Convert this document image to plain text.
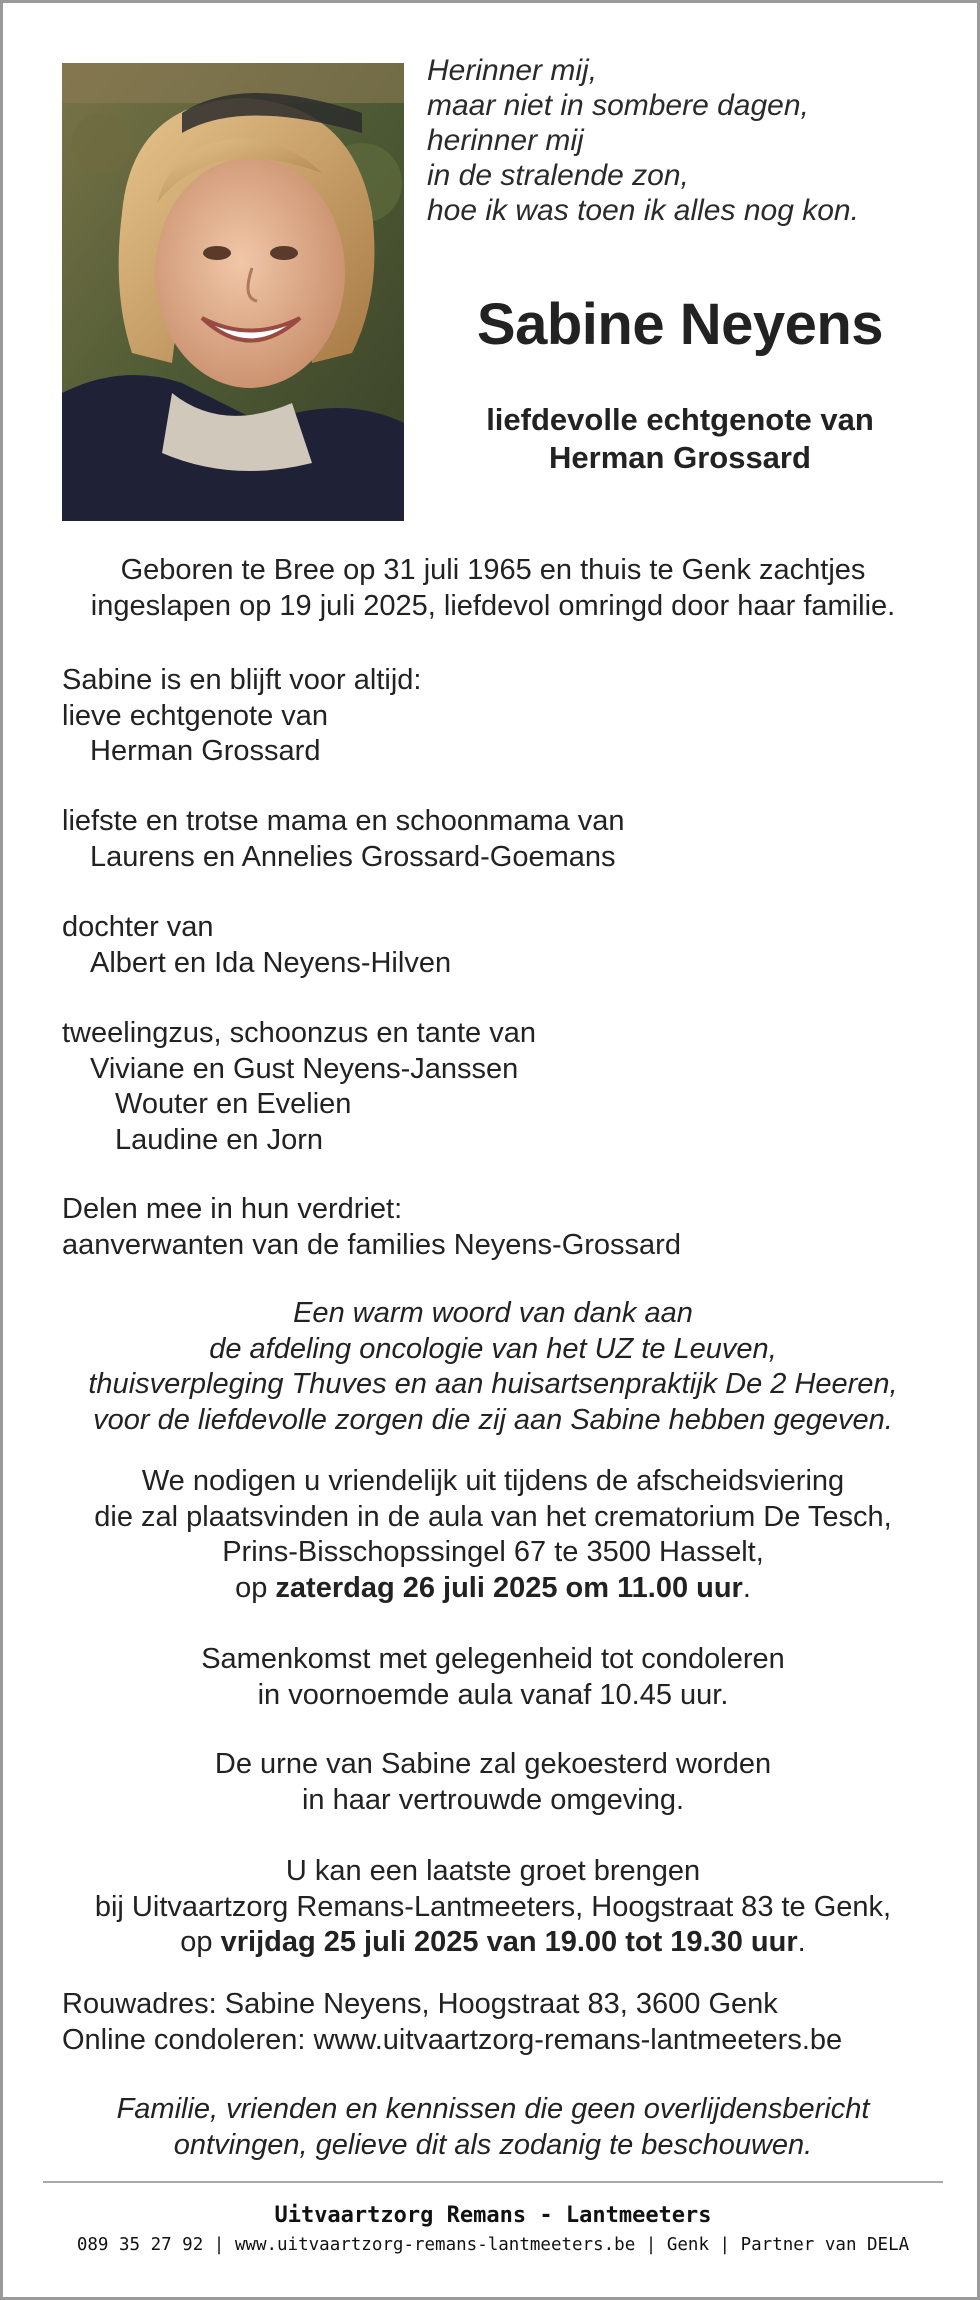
Herinner mij,
maar niet in sombere dagen,
herinner mij
in de stralende zon,
hoe ik was toen ik alles nog kon.
Sabine Neyens
liefdevolle echtgenote van
Herman Grossard
Geboren te Bree op 31 juli 1965 en thuis te Genk zachtjes
ingeslapen op 19 juli 2025, liefdevol omringd door haar familie.
Sabine is en blijft voor altijd:
lieve echtgenote van
Herman Grossard
liefste en trotse mama en schoonmama van
Laurens en Annelies Grossard-Goemans
dochter van
Albert en Ida Neyens-Hilven
tweelingzus, schoonzus en tante van
Viviane en Gust Neyens-Janssen
Wouter en Evelien
Laudine en Jorn
Delen mee in hun verdriet:
aanverwanten van de families Neyens-Grossard
Een warm woord van dank aan
de afdeling oncologie van het UZ te Leuven,
thuisverpleging Thuves en aan huisartsenpraktijk De 2 Heeren,
voor de liefdevolle zorgen die zij aan Sabine hebben gegeven.
We nodigen u vriendelijk uit tijdens de afscheidsviering
die zal plaatsvinden in de aula van het crematorium De Tesch,
Prins-Bisschopssingel 67 te 3500 Hasselt,
op zaterdag 26 juli 2025 om 11.00 uur.
Samenkomst met gelegenheid tot condoleren
in voornoemde aula vanaf 10.45 uur.
De urne van Sabine zal gekoesterd worden
in haar vertrouwde omgeving.
U kan een laatste groet brengen
bij Uitvaartzorg Remans-Lantmeeters, Hoogstraat 83 te Genk,
op vrijdag 25 juli 2025 van 19.00 tot 19.30 uur.
Rouwadres: Sabine Neyens, Hoogstraat 83, 3600 Genk
Online condoleren: www.uitvaartzorg-remans-lantmeeters.be
Familie, vrienden en kennissen die geen overlijdensbericht
ontvingen, gelieve dit als zodanig te beschouwen.
Uitvaartzorg Remans - Lantmeeters
089 35 27 92 | www.uitvaartzorg-remans-lantmeeters.be | Genk | Partner van DELA
